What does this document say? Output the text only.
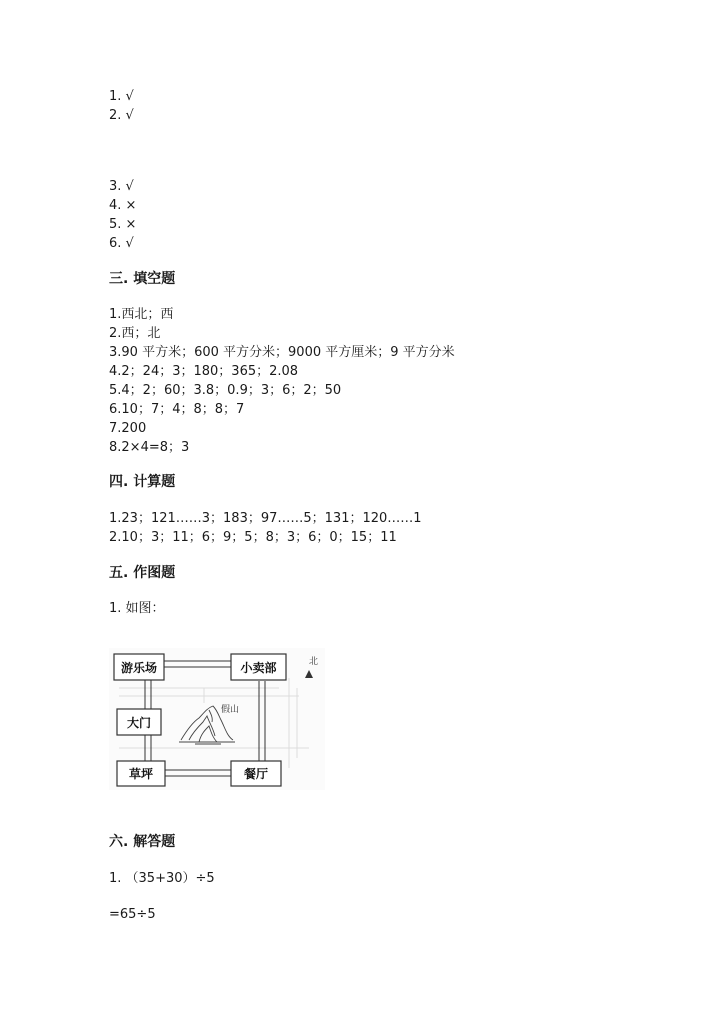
1. √
2. √
3. √
4. ×
5. ×
6. √
三. 填空题
1.西北；西
2.西；北
3.90 平方米；600 平方分米；9000 平方厘米；9 平方分米
4.2；24；3；180；365；2.08
5.4；2；60；3.8；0.9；3；6；2；50
6.10；7；4；8；8；7
7.200
8.2×4=8；3
四. 计算题
1.23；121……3；183；97……5；131；120……1
2.10；3；11；6；9；5；8；3；6；0；15；11
五. 作图题
1. 如图：
游乐场	小卖部
大门
草坪	餐厅
北
假山
六. 解答题
1. （35+30）÷5
=65÷5
